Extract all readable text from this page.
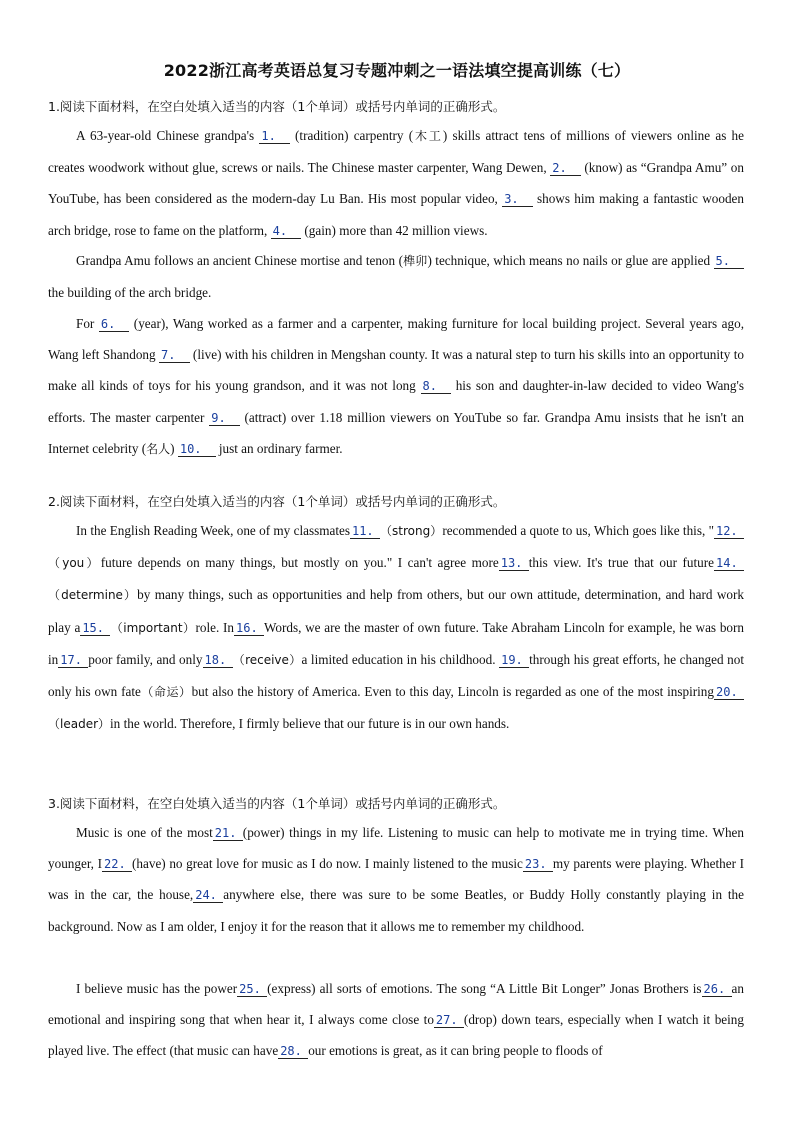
2022浙江高考英语总复习专题冲刺之一语法填空提高训练（七）
1.阅读下面材料，在空白处填入适当的内容（1个单词）或括号内单词的正确形式。
A 63-year-old Chinese grandpa's 1.　 (tradition) carpentry (木工) skills attract tens of millions of viewers online as he creates woodwork without glue, screws or nails. The Chinese master carpenter, Wang Dewen, 2.　 (know) as “Grandpa Amu” on YouTube, has been considered as the modern-day Lu Ban. His most popular video, 3.　 shows him making a fantastic wooden arch bridge, rose to fame on the platform, 4.　 (gain) more than 42 million views.
Grandpa Amu follows an ancient Chinese mortise and tenon (榫卯) technique, which means no nails or glue are applied 5.　 the building of the arch bridge.
For 6.　 (year), Wang worked as a farmer and a carpenter, making furniture for local building project. Several years ago, Wang left Shandong 7.　 (live) with his children in Mengshan county. It was a natural step to turn his skills into an opportunity to make all kinds of toys for his young grandson, and it was not long 8.　 his son and daughter-in-law decided to video Wang's efforts. The master carpenter 9.　 (attract) over 1.18 million viewers on YouTube so far. Grandpa Amu insists that he isn't an Internet celebrity (名人) 10.　 just an ordinary farmer.
2.阅读下面材料，在空白处填入适当的内容（1个单词）或括号内单词的正确形式。
In the English Reading Week, one of my classmates 11. （strong）recommended a quote to us, Which goes like this, " 12.（you）future depends on many things, but mostly on you." I can't agree more 13. this view. It's true that our future 14.（determine）by many things, such as opportunities and help from others, but our own attitude, determination, and hard work play a 15. （important）role. In 16. Words, we are the master of own future. Take Abraham Lincoln for example, he was born in 17. poor family, and only 18. （receive）a limited education in his childhood. 19. through his great efforts, he changed not only his own fate（命运）but also the history of America. Even to this day, Lincoln is regarded as one of the most inspiring 20.（leader）in the world. Therefore, I firmly believe that our future is in our own hands.
3.阅读下面材料，在空白处填入适当的内容（1个单词）或括号内单词的正确形式。
Music is one of the most 21. (power) things in my life. Listening to music can help to motivate me in trying time. When younger, I 22. (have) no great love for music as I do now. I mainly listened to the music 23. my parents were playing. Whether I was in the car, the house, 24. anywhere else, there was sure to be some Beatles, or Buddy Holly constantly playing in the background. Now as I am older, I enjoy it for the reason that it allows me to remember my childhood.
I believe music has the power 25. (express) all sorts of emotions. The song “A Little Bit Longer” Jonas Brothers is 26. an emotional and inspiring song that when hear it, I always come close to 27. (drop) down tears, especially when I watch it being played live. The effect (that music can have 28. our emotions is great, as it can bring people to floods of
